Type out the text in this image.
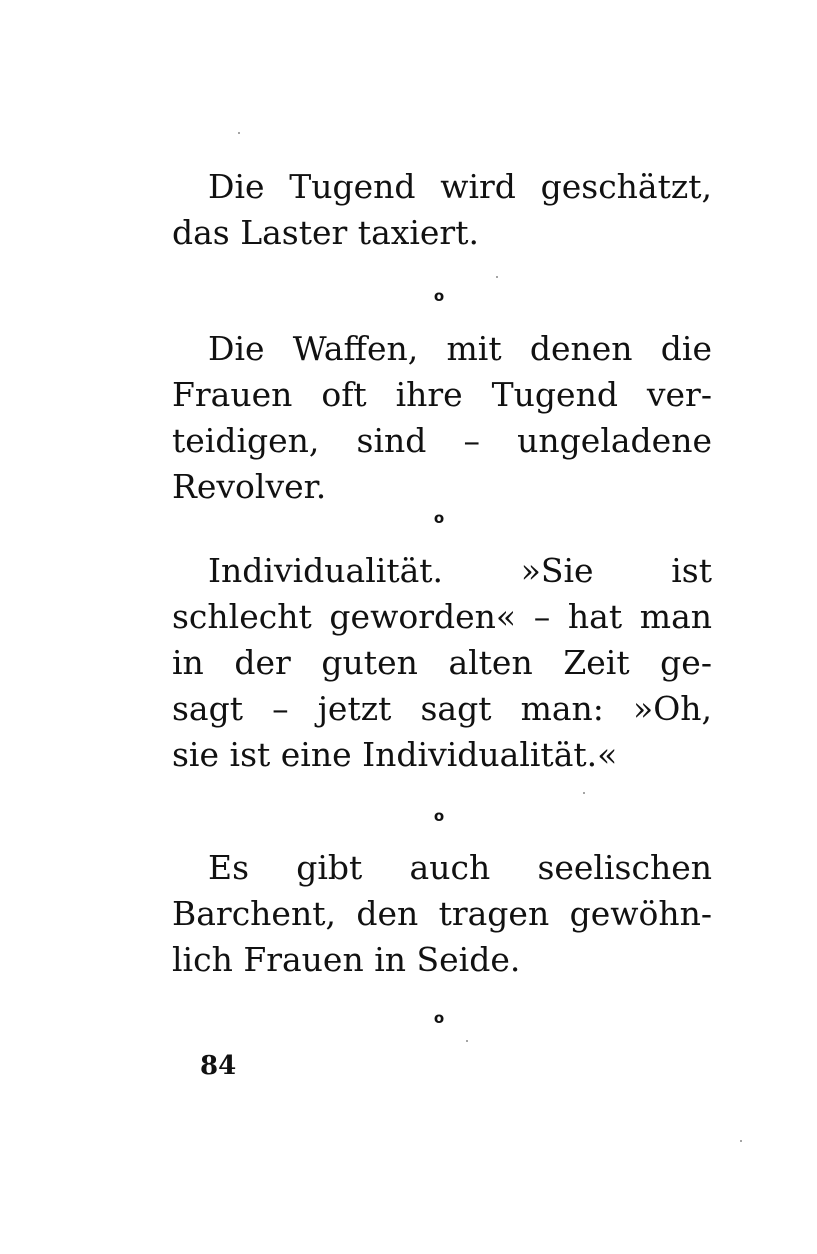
Die Tugend wird geschätzt,
das Laster taxiert.
o
Die Waffen, mit denen die
Frauen oft ihre Tugend ver-
teidigen, sind – ungeladene
Revolver.
o
Individualität. »Sie ist
schlecht geworden« – hat man
in der guten alten Zeit ge-
sagt – jetzt sagt man: »Oh,
sie ist eine Individualität.«
o
Es gibt auch seelischen
Barchent, den tragen gewöhn-
lich Frauen in Seide.
o
84
